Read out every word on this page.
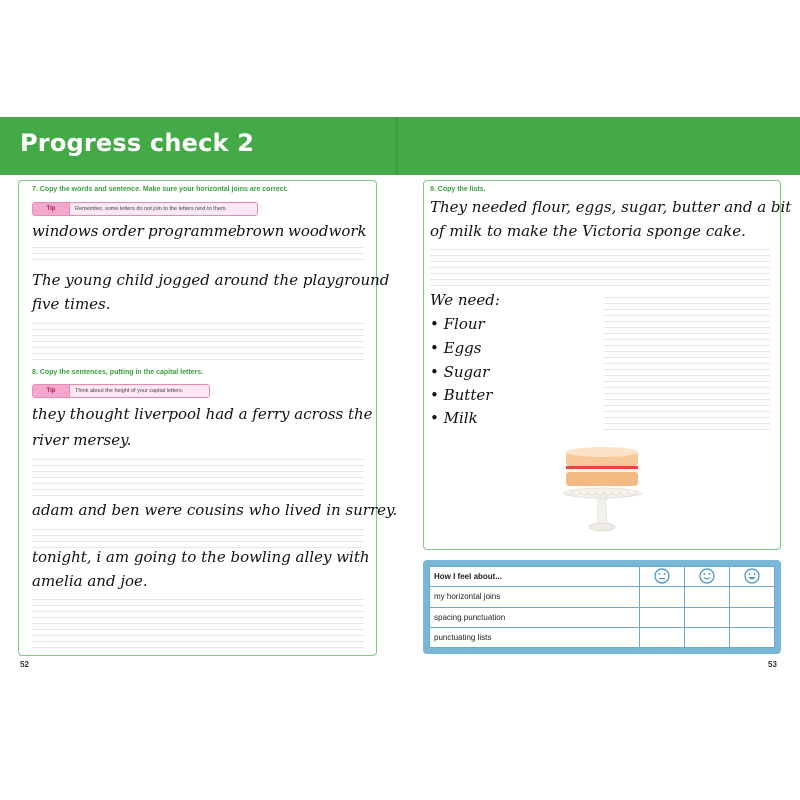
Progress check 2
7. Copy the words and sentence. Make sure your horizontal joins are correct.
Tip	Remember, some letters do not join to the letters next to them.
windows order programme brown woodwork
The young child jogged around the playground
five times.
8. Copy the sentences, putting in the capital letters.
Tip	Think about the height of your capital letters.
they thought liverpool had a ferry across the
river mersey.
adam and ben were cousins who lived in surrey.
tonight, i am going to the bowling alley with
amelia and joe.
52
9. Copy the lists.
They needed flour, eggs, sugar, butter and a bit
of milk to make the Victoria sponge cake.
We need:
• Flour
• Eggs
• Sugar
• Butter
• Milk
How I feel about...			
my horizontal joins			
spacing punctuation			
punctuating lists			
53
